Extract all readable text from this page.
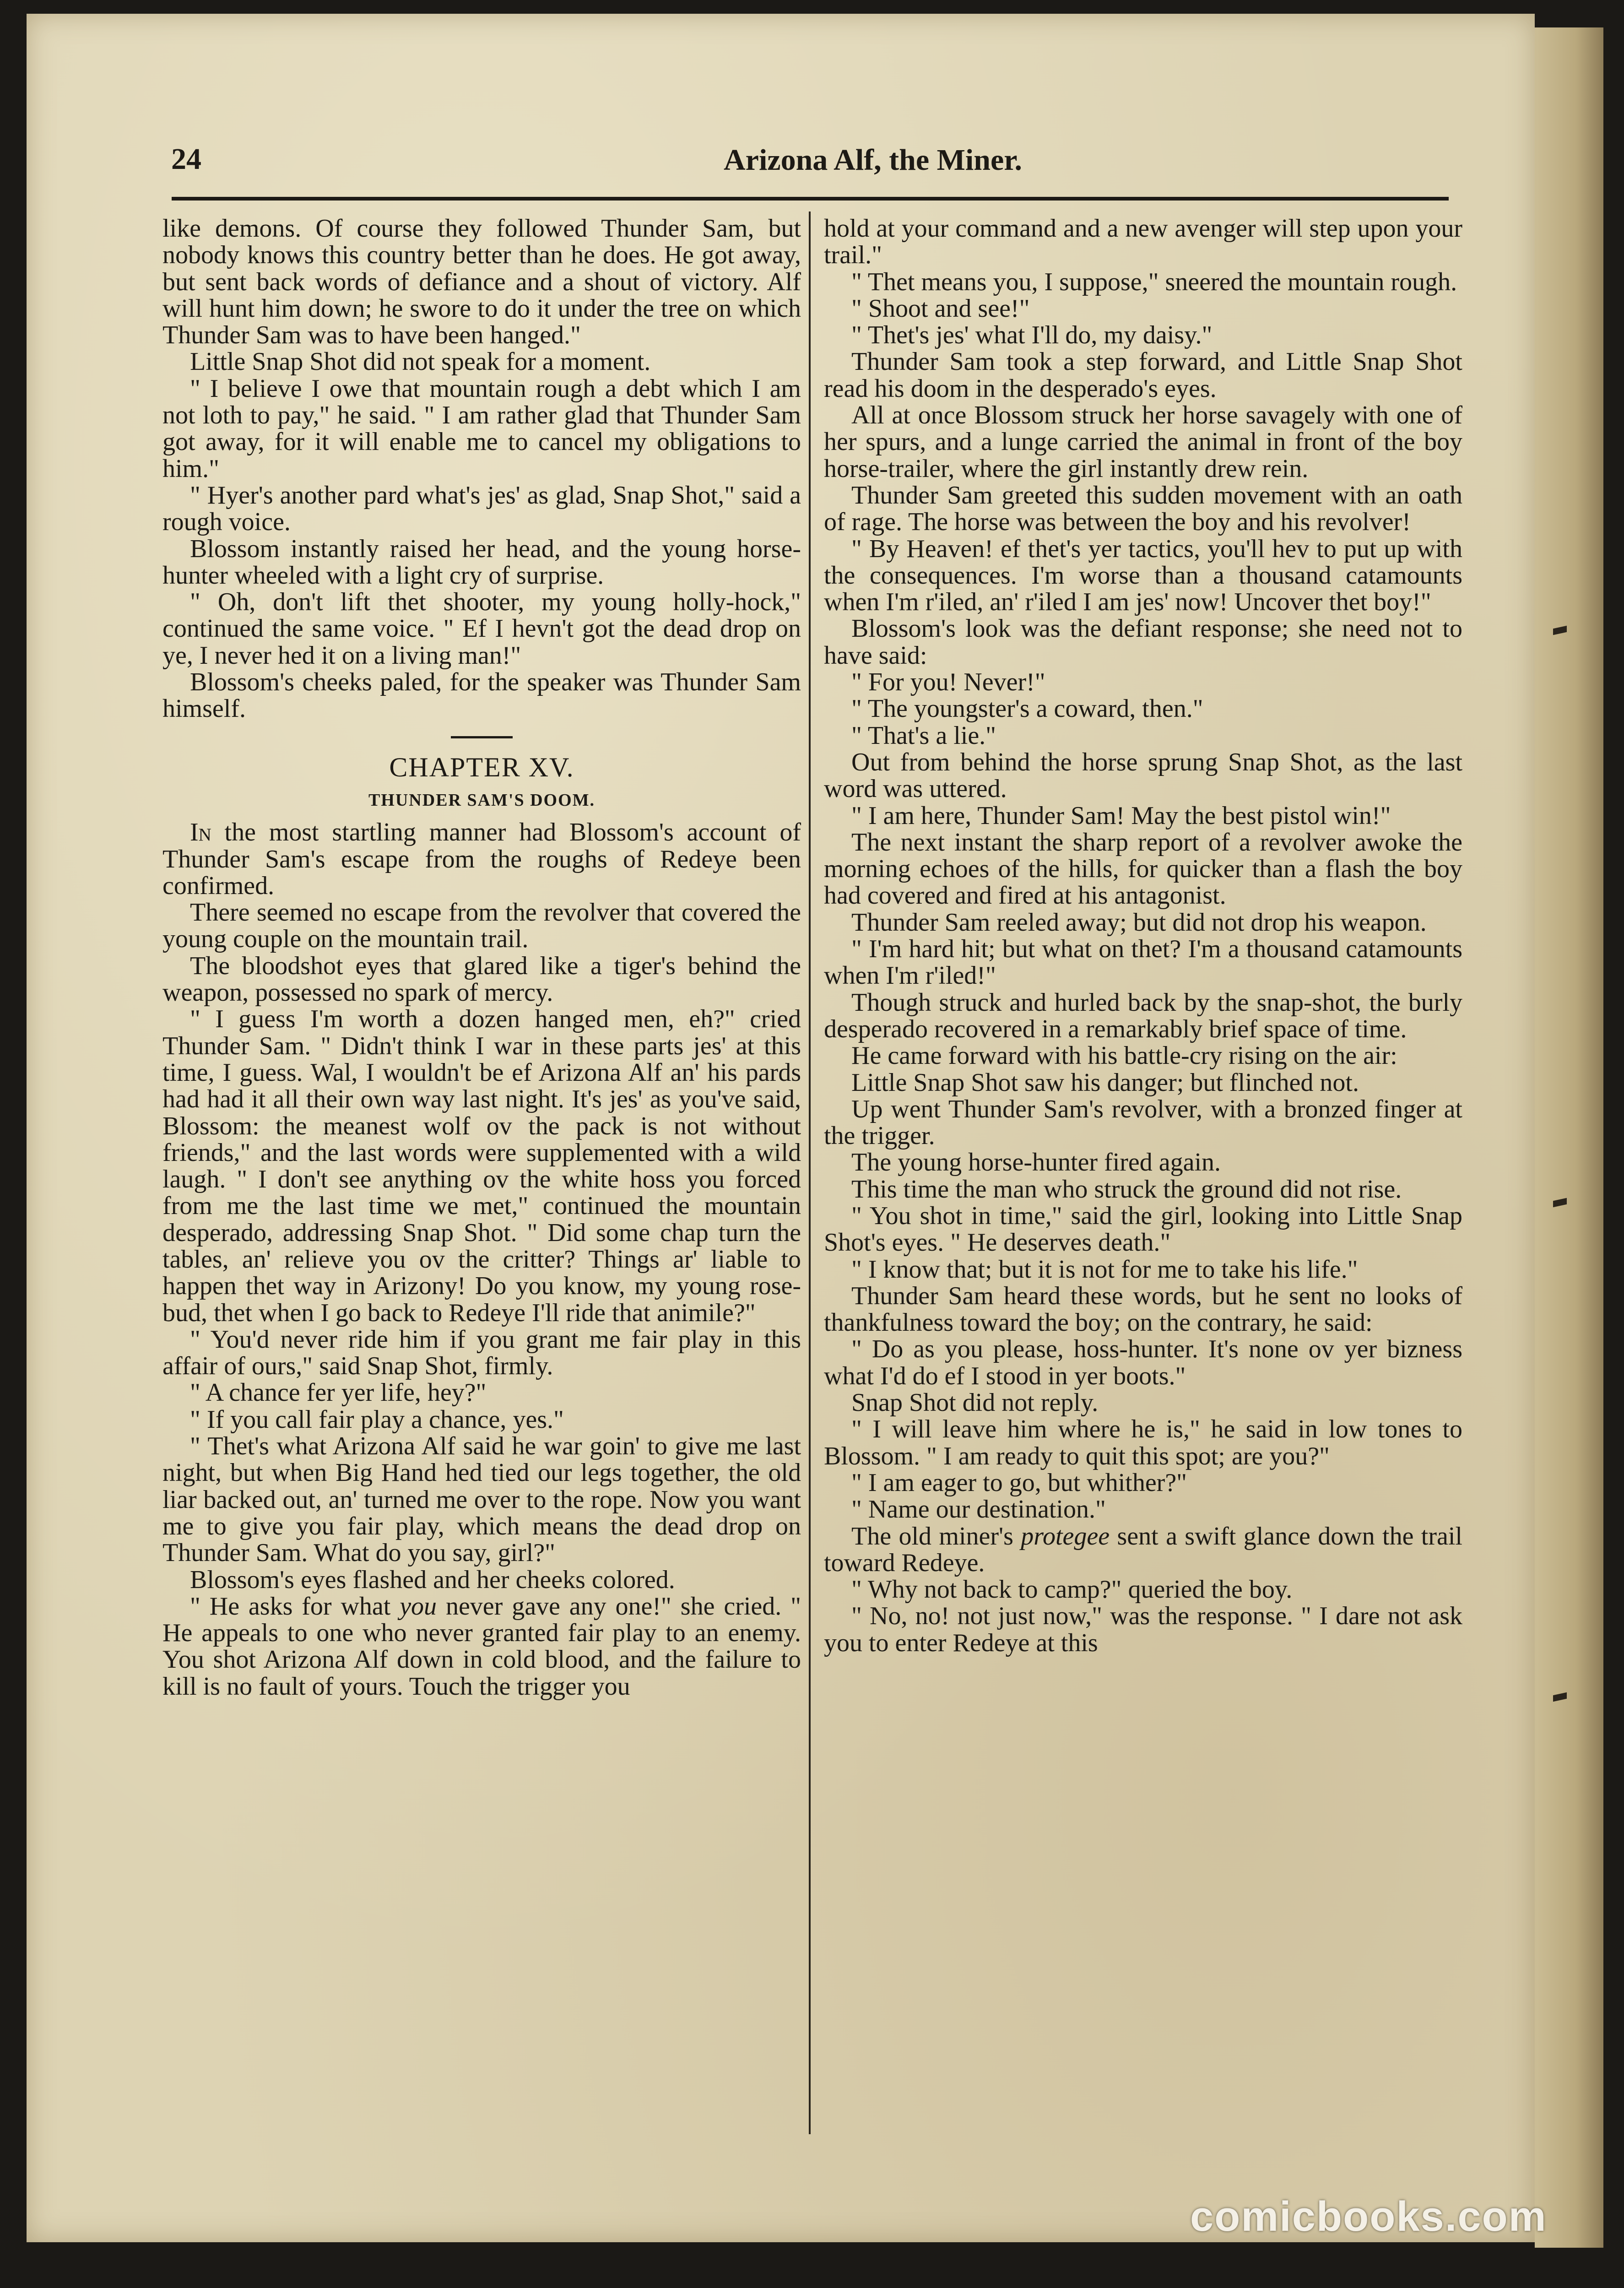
24	Arizona Alf, the Miner.
like demons. Of course they followed Thunder Sam, but nobody knows this country better than he does. He got away, but sent back words of defiance and a shout of victory. Alf will hunt him down; he swore to do it under the tree on which Thunder Sam was to have been hanged."
Little Snap Shot did not speak for a moment.
" I believe I owe that mountain rough a debt which I am not loth to pay," he said. " I am rather glad that Thunder Sam got away, for it will enable me to cancel my obligations to him."
" Hyer's another pard what's jes' as glad, Snap Shot," said a rough voice.
Blossom instantly raised her head, and the young horse-hunter wheeled with a light cry of surprise.
" Oh, don't lift thet shooter, my young holly-hock," continued the same voice. " Ef I hevn't got the dead drop on ye, I never hed it on a living man!"
Blossom's cheeks paled, for the speaker was Thunder Sam himself.
CHAPTER XV.
THUNDER SAM'S DOOM.
In the most startling manner had Blossom's account of Thunder Sam's escape from the roughs of Redeye been confirmed.
There seemed no escape from the revolver that covered the young couple on the mountain trail.
The bloodshot eyes that glared like a tiger's behind the weapon, possessed no spark of mercy.
" I guess I'm worth a dozen hanged men, eh?" cried Thunder Sam. " Didn't think I war in these parts jes' at this time, I guess. Wal, I wouldn't be ef Arizona Alf an' his pards had had it all their own way last night. It's jes' as you've said, Blossom: the meanest wolf ov the pack is not without friends," and the last words were supplemented with a wild laugh. " I don't see anything ov the white hoss you forced from me the last time we met," continued the mountain desperado, addressing Snap Shot. " Did some chap turn the tables, an' relieve you ov the critter? Things ar' liable to happen thet way in Arizony! Do you know, my young rose-bud, thet when I go back to Redeye I'll ride that animile?"
" You'd never ride him if you grant me fair play in this affair of ours," said Snap Shot, firmly.
" A chance fer yer life, hey?"
" If you call fair play a chance, yes."
" Thet's what Arizona Alf said he war goin' to give me last night, but when Big Hand hed tied our legs together, the old liar backed out, an' turned me over to the rope. Now you want me to give you fair play, which means the dead drop on Thunder Sam. What do you say, girl?"
Blossom's eyes flashed and her cheeks colored.
" He asks for what you never gave any one!" she cried. " He appeals to one who never granted fair play to an enemy. You shot Arizona Alf down in cold blood, and the failure to kill is no fault of yours. Touch the trigger you
hold at your command and a new avenger will step upon your trail."
" Thet means you, I suppose," sneered the mountain rough.
" Shoot and see!"
" Thet's jes' what I'll do, my daisy."
Thunder Sam took a step forward, and Little Snap Shot read his doom in the desperado's eyes.
All at once Blossom struck her horse savagely with one of her spurs, and a lunge carried the animal in front of the boy horse-trailer, where the girl instantly drew rein.
Thunder Sam greeted this sudden movement with an oath of rage. The horse was between the boy and his revolver!
" By Heaven! ef thet's yer tactics, you'll hev to put up with the consequences. I'm worse than a thousand catamounts when I'm r'iled, an' r'iled I am jes' now! Uncover thet boy!"
Blossom's look was the defiant response; she need not to have said:
" For you! Never!"
" The youngster's a coward, then."
" That's a lie."
Out from behind the horse sprung Snap Shot, as the last word was uttered.
" I am here, Thunder Sam! May the best pistol win!"
The next instant the sharp report of a revolver awoke the morning echoes of the hills, for quicker than a flash the boy had covered and fired at his antagonist.
Thunder Sam reeled away; but did not drop his weapon.
" I'm hard hit; but what on thet? I'm a thousand catamounts when I'm r'iled!"
Though struck and hurled back by the snap-shot, the burly desperado recovered in a remarkably brief space of time.
He came forward with his battle-cry rising on the air:
Little Snap Shot saw his danger; but flinched not.
Up went Thunder Sam's revolver, with a bronzed finger at the trigger.
The young horse-hunter fired again.
This time the man who struck the ground did not rise.
" You shot in time," said the girl, looking into Little Snap Shot's eyes. " He deserves death."
" I know that; but it is not for me to take his life."
Thunder Sam heard these words, but he sent no looks of thankfulness toward the boy; on the contrary, he said:
" Do as you please, hoss-hunter. It's none ov yer bizness what I'd do ef I stood in yer boots."
Snap Shot did not reply.
" I will leave him where he is," he said in low tones to Blossom. " I am ready to quit this spot; are you?"
" I am eager to go, but whither?"
" Name our destination."
The old miner's protegee sent a swift glance down the trail toward Redeye.
" Why not back to camp?" queried the boy.
" No, no! not just now," was the response. " I dare not ask you to enter Redeye at this
comicbooks.com
